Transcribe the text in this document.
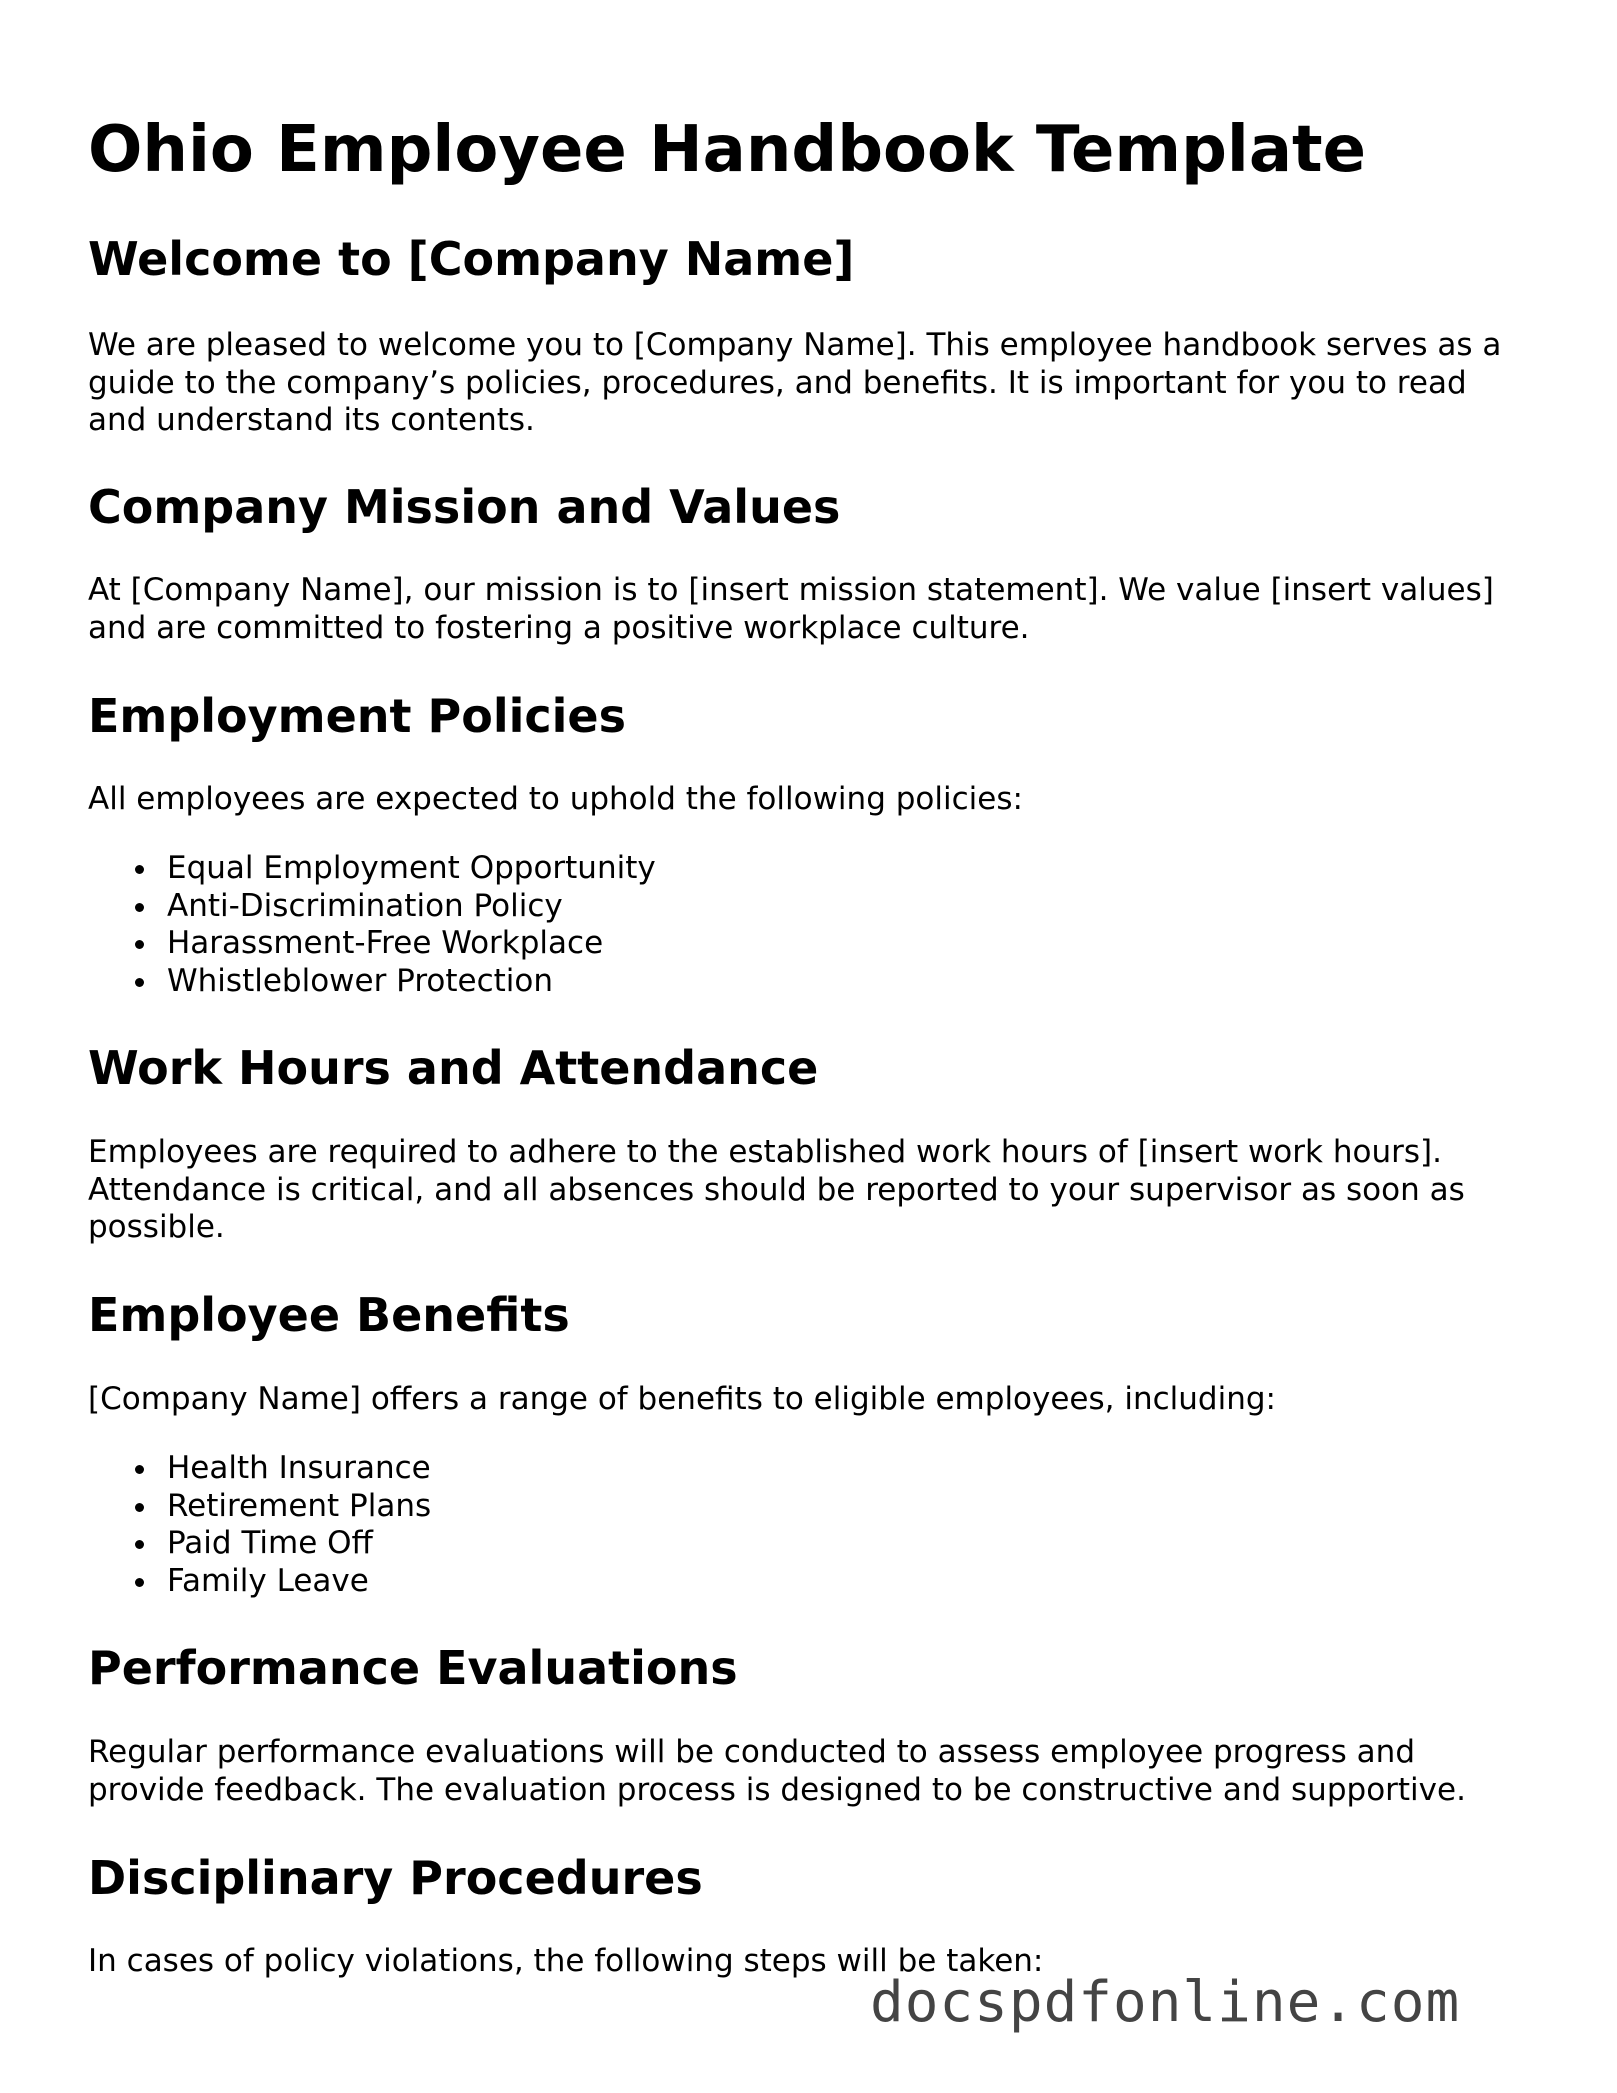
Ohio Employee Handbook Template
Welcome to [Company Name]

We are pleased to welcome you to [Company Name]. This employee handbook serves as a guide to the company’s policies, procedures, and benefits. It is important for you to read and understand its contents.

Company Mission and Values

At [Company Name], our mission is to [insert mission statement]. We value [insert values] and are committed to fostering a positive workplace culture.

Employment Policies

All employees are expected to uphold the following policies:

Equal Employment Opportunity
Anti-Discrimination Policy
Harassment-Free Workplace
Whistleblower Protection
Work Hours and Attendance

Employees are required to adhere to the established work hours of [insert work hours]. Attendance is critical, and all absences should be reported to your supervisor as soon as possible.

Employee Benefits

[Company Name] offers a range of benefits to eligible employees, including:

Health Insurance
Retirement Plans
Paid Time Off
Family Leave
Performance Evaluations

Regular performance evaluations will be conducted to assess employee progress and provide feedback. The evaluation process is designed to be constructive and supportive.

Disciplinary Procedures

In cases of policy violations, the following steps will be taken:

docspdfonline.com
